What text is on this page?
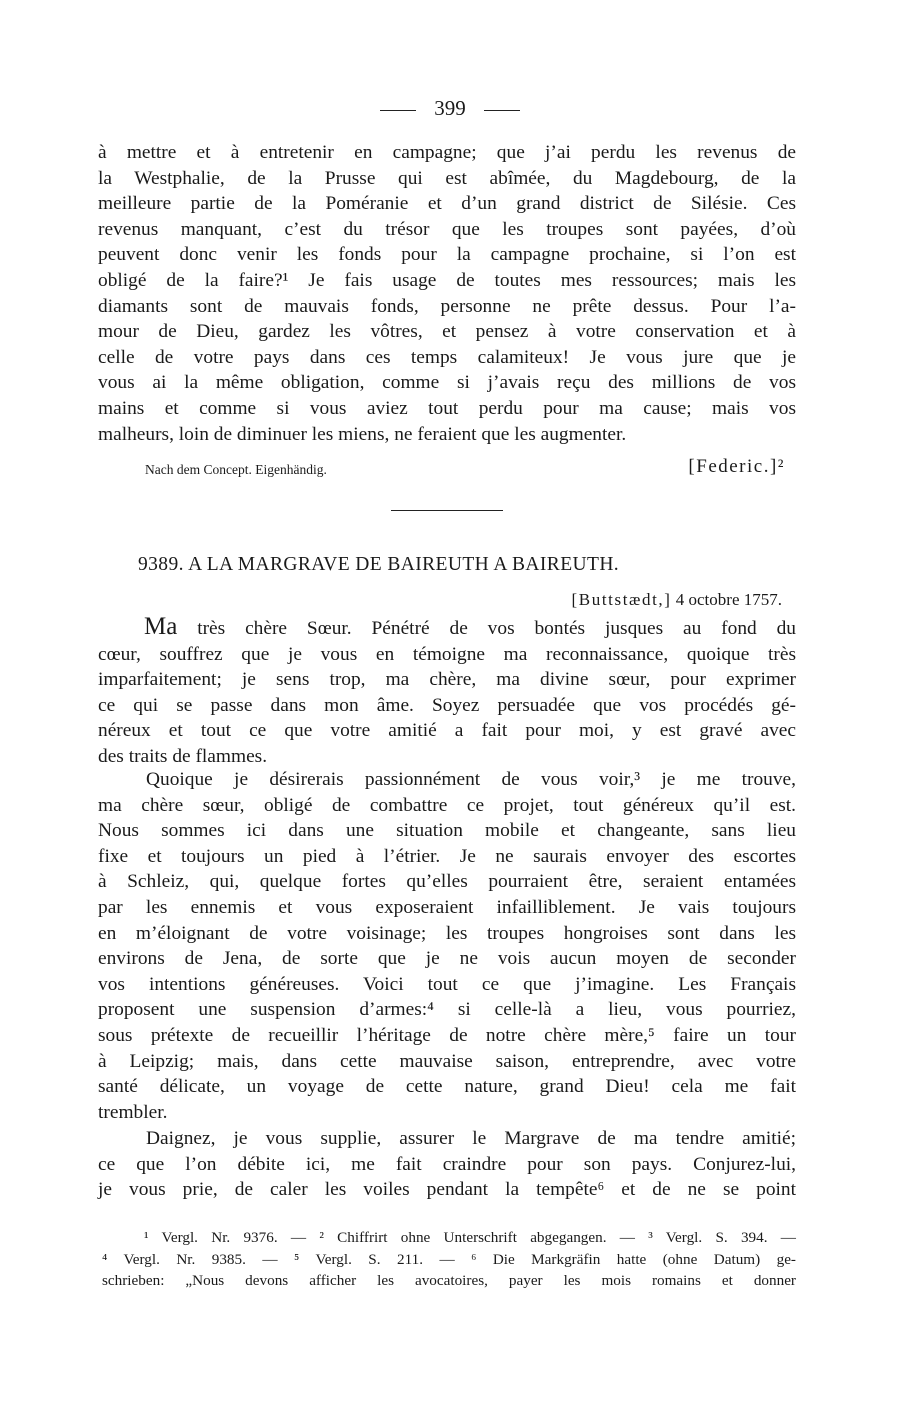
399
à mettre et à entretenir en campagne; que j’ai perdu les revenus de
la Westphalie, de la Prusse qui est abîmée, du Magdebourg, de la
meilleure partie de la Poméranie et d’un grand district de Silésie. Ces
revenus manquant, c’est du trésor que les troupes sont payées, d’où
peuvent donc venir les fonds pour la campagne prochaine, si l’on est
obligé de la faire?¹ Je fais usage de toutes mes ressources; mais les
diamants sont de mauvais fonds, personne ne prête dessus. Pour l’a-
mour de Dieu, gardez les vôtres, et pensez à votre conservation et à
celle de votre pays dans ces temps calamiteux! Je vous jure que je
vous ai la même obligation, comme si j’avais reçu des millions de vos
mains et comme si vous aviez tout perdu pour ma cause; mais vos
malheurs, loin de diminuer les miens, ne feraient que les augmenter.
Nach dem Concept. Eigenhändig.	[Federic.]²
9389. A LA MARGRAVE DE BAIREUTH A BAIREUTH.
[Buttstædt,] 4 octobre 1757.
Ma très chère Sœur. Pénétré de vos bontés jusques au fond du
cœur, souffrez que je vous en témoigne ma reconnaissance, quoique très
imparfaitement; je sens trop, ma chère, ma divine sœur, pour exprimer
ce qui se passe dans mon âme. Soyez persuadée que vos procédés gé-
néreux et tout ce que votre amitié a fait pour moi, y est gravé avec
des traits de flammes.
Quoique je désirerais passionnément de vous voir,³ je me trouve,
ma chère sœur, obligé de combattre ce projet, tout généreux qu’il est.
Nous sommes ici dans une situation mobile et changeante, sans lieu
fixe et toujours un pied à l’étrier. Je ne saurais envoyer des escortes
à Schleiz, qui, quelque fortes qu’elles pourraient être, seraient entamées
par les ennemis et vous exposeraient infailliblement. Je vais toujours
en m’éloignant de votre voisinage; les troupes hongroises sont dans les
environs de Jena, de sorte que je ne vois aucun moyen de seconder
vos intentions généreuses. Voici tout ce que j’imagine. Les Français
proposent une suspension d’armes:⁴ si celle-là a lieu, vous pourriez,
sous prétexte de recueillir l’héritage de notre chère mère,⁵ faire un tour
à Leipzig; mais, dans cette mauvaise saison, entreprendre, avec votre
santé délicate, un voyage de cette nature, grand Dieu! cela me fait
trembler.
Daignez, je vous supplie, assurer le Margrave de ma tendre amitié;
ce que l’on débite ici, me fait craindre pour son pays. Conjurez-lui,
je vous prie, de caler les voiles pendant la tempête⁶ et de ne se point
¹ Vergl. Nr. 9376. — ² Chiffrirt ohne Unterschrift abgegangen. — ³ Vergl. S. 394. —
⁴ Vergl. Nr. 9385. — ⁵ Vergl. S. 211. — ⁶ Die Markgräfin hatte (ohne Datum) ge-
schrieben: „Nous devons afficher les avocatoires, payer les mois romains et donner
